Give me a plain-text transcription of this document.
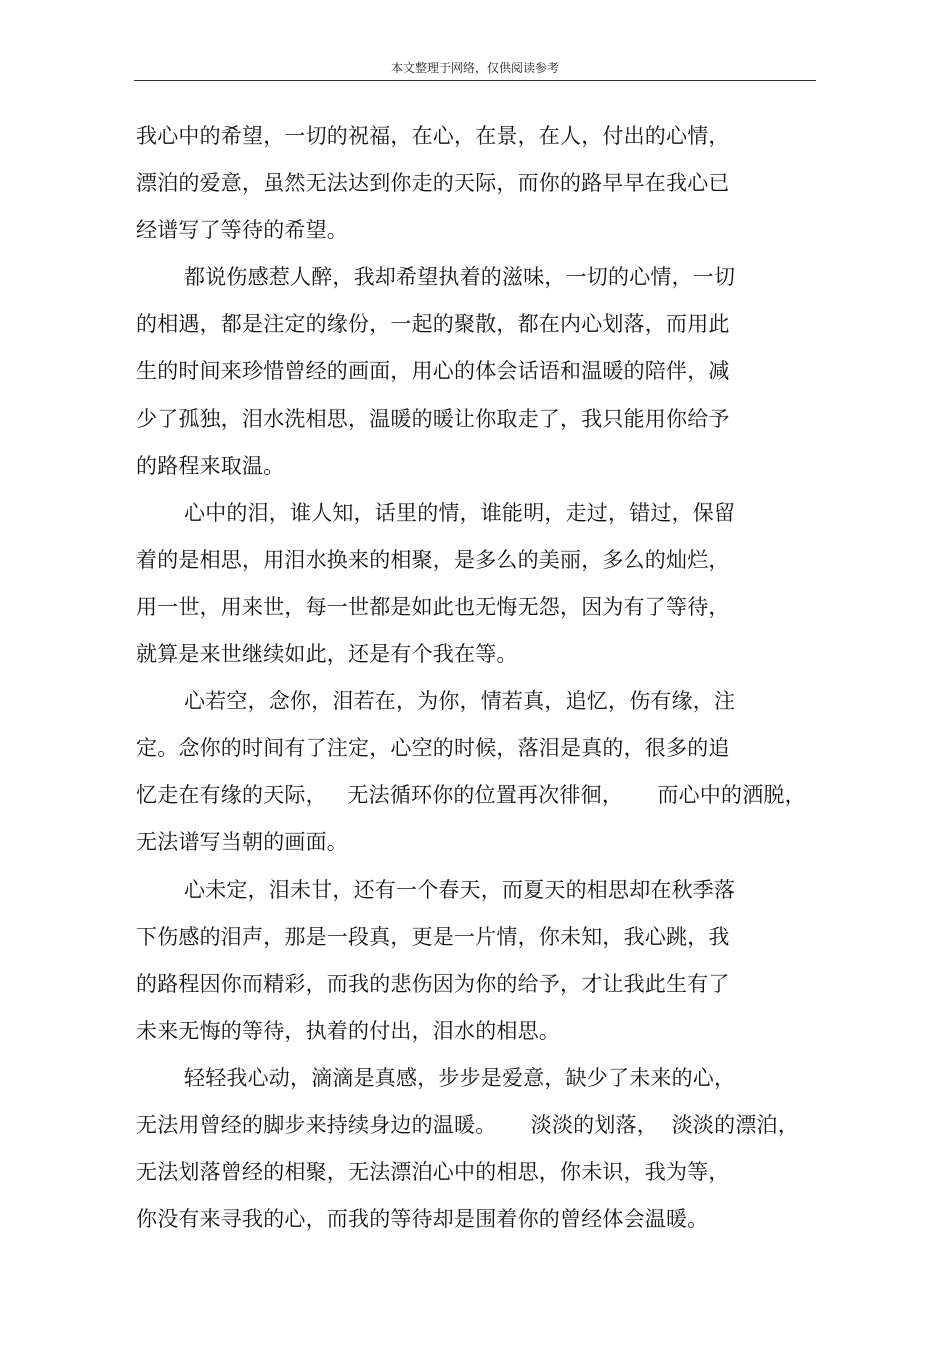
本文整理于网络，仅供阅读参考
我心中的希望，一切的祝福，在心，在景，在人，付出的心情，
漂泊的爱意，虽然无法达到你走的天际，而你的路早早在我心已
经谱写了等待的希望。
都说伤感惹人醉，我却希望执着的滋味，一切的心情，一切
的相遇，都是注定的缘份，一起的聚散，都在内心划落，而用此
生的时间来珍惜曾经的画面，用心的体会话语和温暖的陪伴，减
少了孤独，泪水洗相思，温暖的暖让你取走了，我只能用你给予
的路程来取温。
心中的泪，谁人知，话里的情，谁能明，走过，错过，保留
着的是相思，用泪水换来的相聚，是多么的美丽，多么的灿烂，
用一世，用来世，每一世都是如此也无悔无怨，因为有了等待，
就算是来世继续如此，还是有个我在等。
心若空，念你，泪若在，为你，情若真，追忆，伤有缘，注
定。念你的时间有了注定，心空的时候，落泪是真的，很多的追
忆走在有缘的天际，   无法循环你的位置再次徘徊，     而心中的洒脱，
无法谱写当朝的画面。
心未定，泪未甘，还有一个春天，而夏天的相思却在秋季落
下伤感的泪声，那是一段真，更是一片情，你未知，我心跳，我
的路程因你而精彩，而我的悲伤因为你的给予，才让我此生有了
未来无悔的等待，执着的付出，泪水的相思。
轻轻我心动，滴滴是真感，步步是爱意，缺少了未来的心，
无法用曾经的脚步来持续身边的温暖。     淡淡的划落，  淡淡的漂泊，
无法划落曾经的相聚，无法漂泊心中的相思，你未识，我为等，
你没有来寻我的心，而我的等待却是围着你的曾经体会温暖。
